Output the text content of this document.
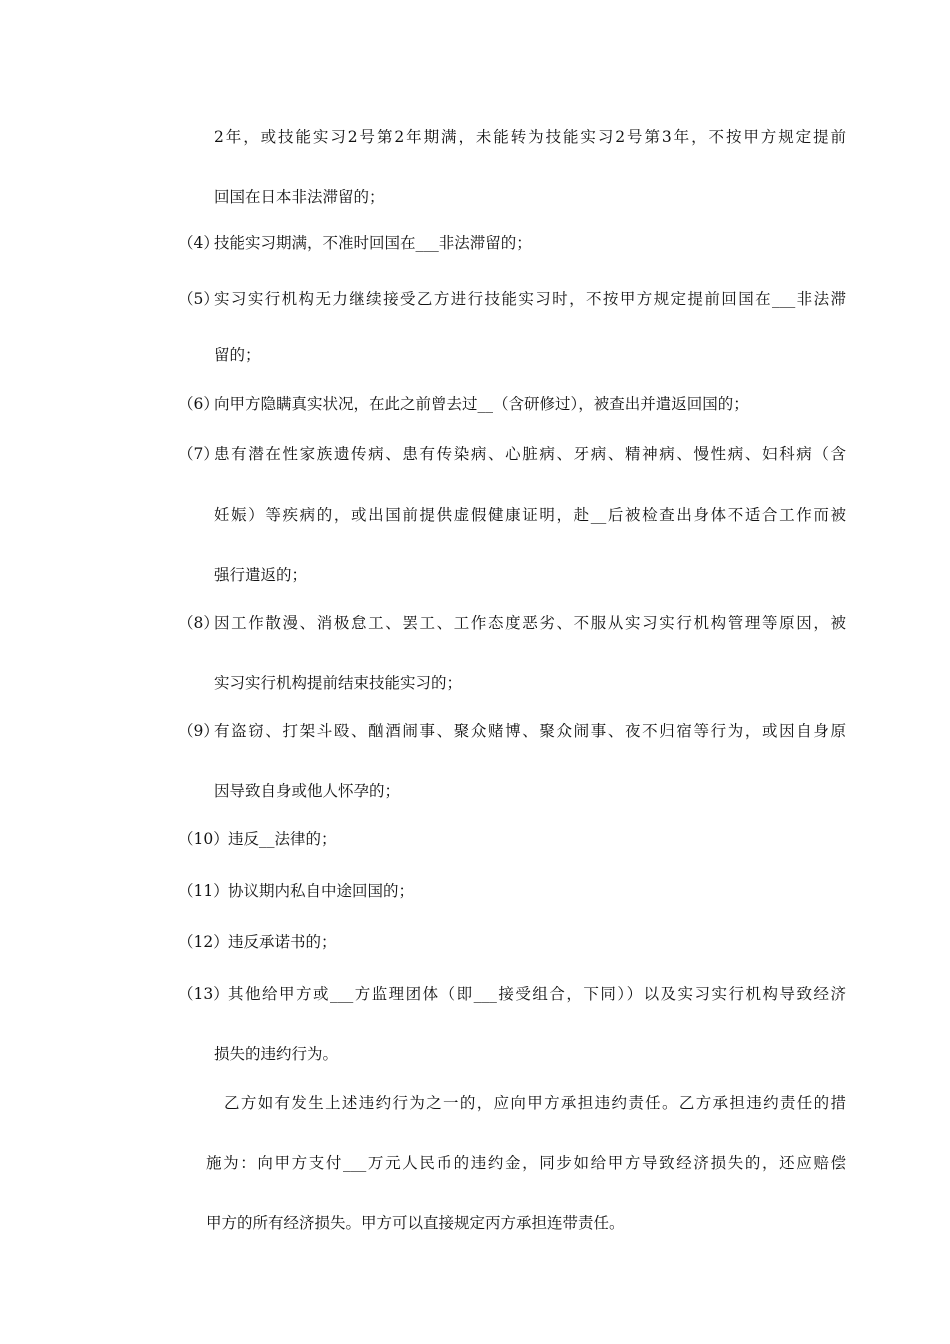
2年，或技能实习2号第2年期满，未能转为技能实习2号第3年，不按甲方规定提前
回国在日本非法滞留的；
（4）
技能实习期满，不准时回国在___非法滞留的；
（5）
实习实行机构无力继续接受乙方进行技能实习时，不按甲方规定提前回国在___非法滞
留的；
（6）
向甲方隐瞒真实状况，在此之前曾去过__（含研修过），被查出并遣返回国的；
（7）
患有潜在性家族遗传病、患有传染病、心脏病、牙病、精神病、慢性病、妇科病（含
妊娠）等疾病的，或出国前提供虚假健康证明，赴__后被检查出身体不适合工作而被
强行遣返的；
（8）
因工作散漫、消极怠工、罢工、工作态度恶劣、不服从实习实行机构管理等原因，被
实习实行机构提前结束技能实习的；
（9）
有盗窃、打架斗殴、酗酒闹事、聚众赌博、聚众闹事、夜不归宿等行为，或因自身原
因导致自身或他人怀孕的；
（10） 违反__法律的；
（11） 协议期内私自中途回国的；
（12） 违反承诺书的；
（13） 其他给甲方或___方监理团体（即___接受组合，下同））以及实习实行机构导致经济
损失的违约行为。
乙方如有发生上述违约行为之一的，应向甲方承担违约责任。乙方承担违约责任的措
施为：向甲方支付___万元人民币的违约金，同步如给甲方导致经济损失的，还应赔偿
甲方的所有经济损失。甲方可以直接规定丙方承担连带责任。
